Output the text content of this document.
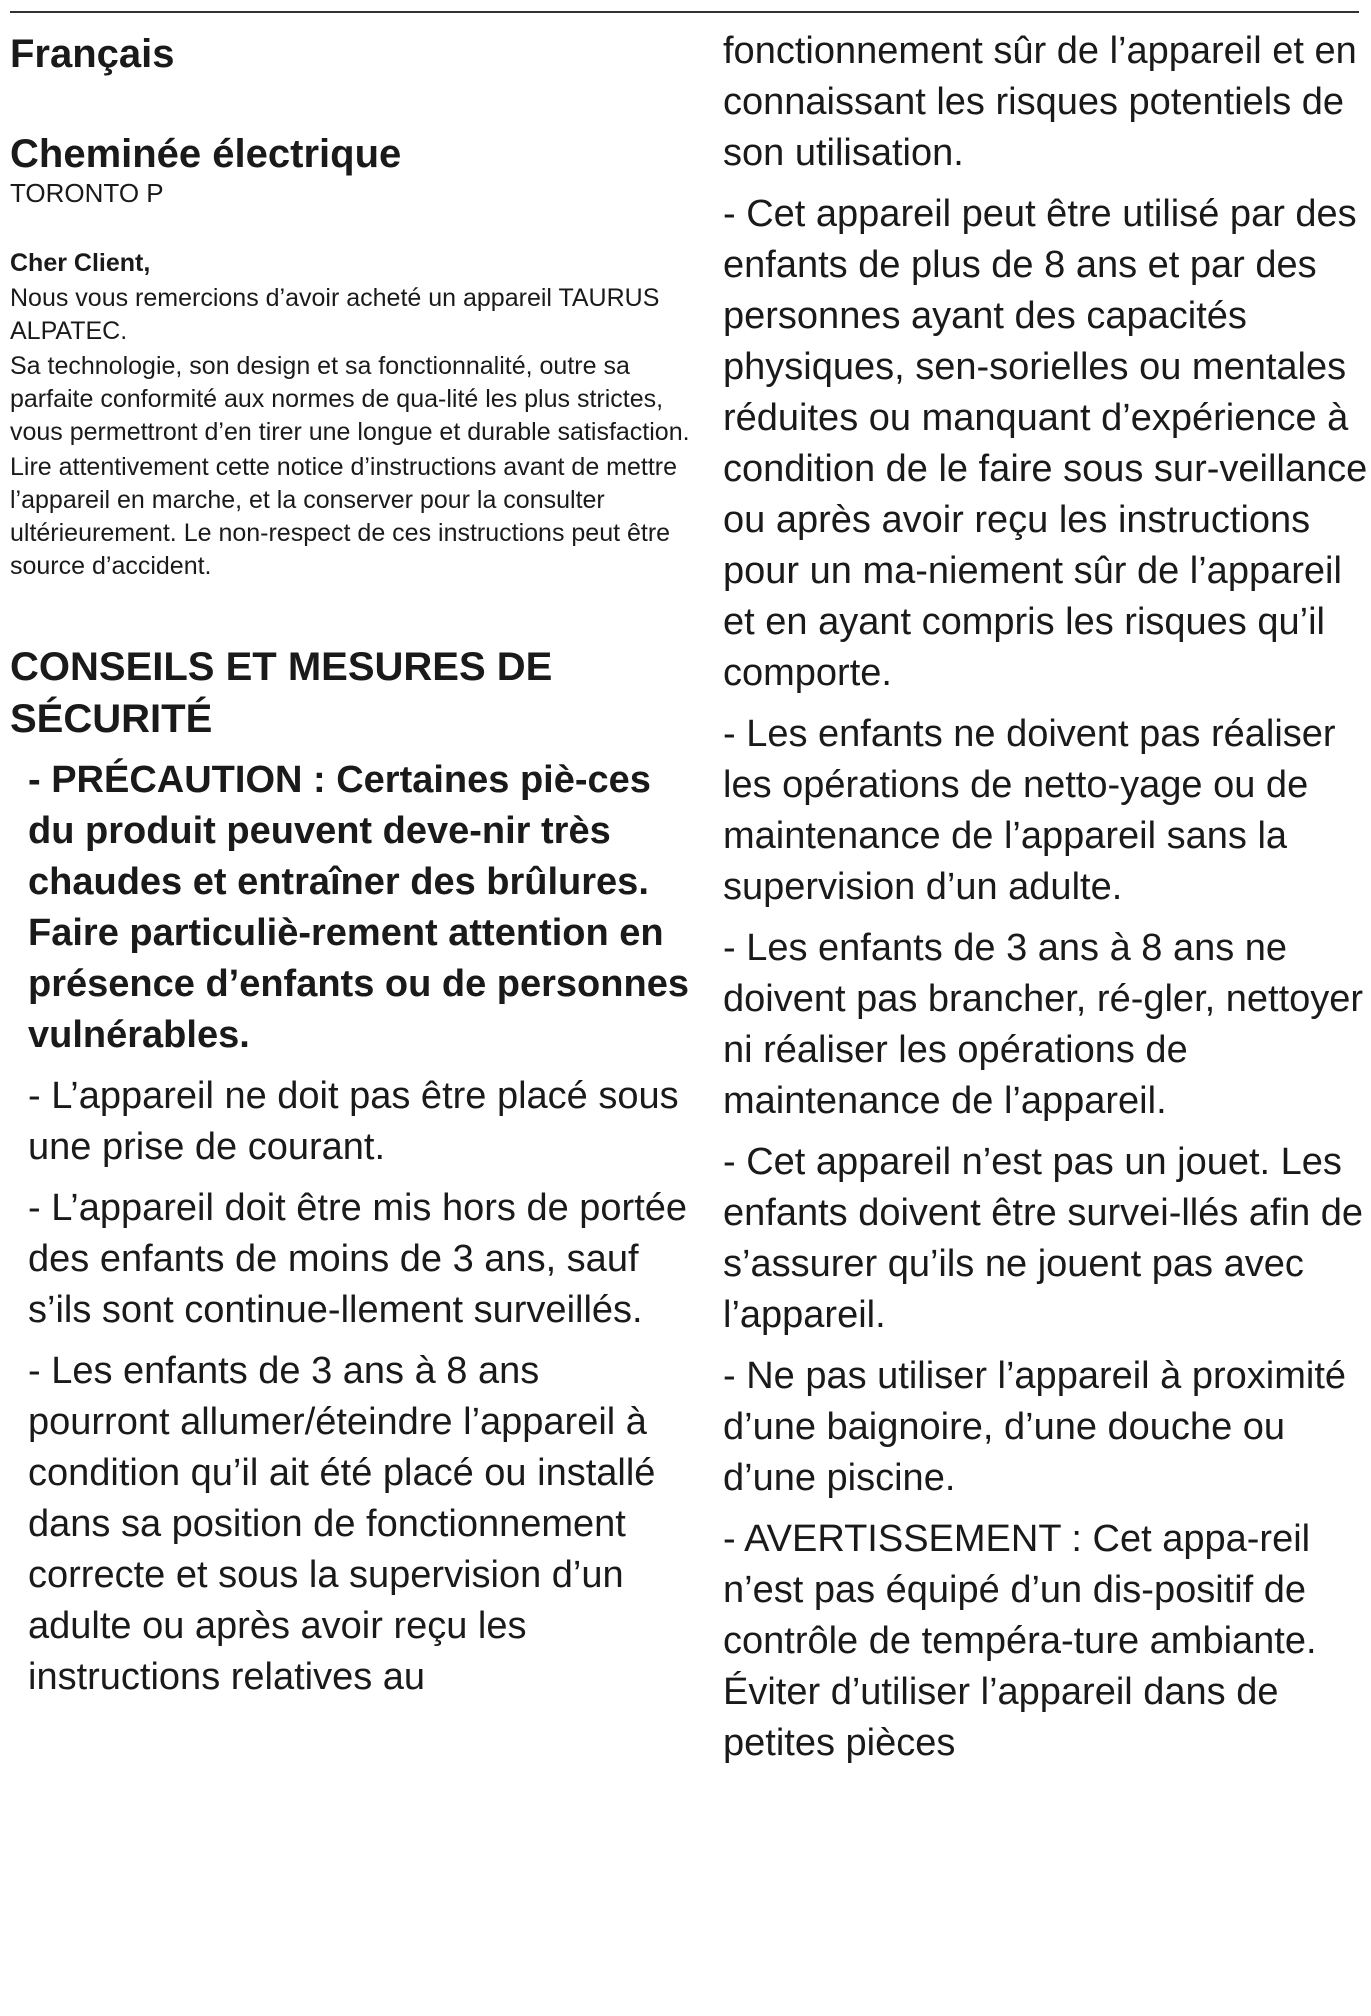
Français
Cheminée électrique
TORONTO P
Cher Client,

Nous vous remercions d’avoir acheté un appareil TAURUS ALPATEC.

Sa technologie, son design et sa fonctionnalité, outre sa parfaite conformité aux normes de qua-lité les plus strictes, vous permettront d’en tirer une longue et durable satisfaction.

Lire attentivement cette notice d’instructions avant de mettre l’appareil en marche, et la conserver pour la consulter ultérieurement. Le non-respect de ces instructions peut être source d’accident.

CONSEILS ET MESURES DE SÉCURITÉ

- PRÉCAUTION : Certaines piè-ces du produit peuvent deve-nir très chaudes et entraîner des brûlures. Faire particuliè-rement attention en présence d’enfants ou de personnes vulnérables.

- L’appareil ne doit pas être placé sous une prise de courant.

- L’appareil doit être mis hors de portée des enfants de moins de 3 ans, sauf s’ils sont continue-llement surveillés.

- Les enfants de 3 ans à 8 ans pourront allumer/éteindre l’appareil à condition qu’il ait été placé ou installé dans sa position de fonctionnement correcte et sous la supervision d’un adulte ou après avoir reçu les instructions relatives au

fonctionnement sûr de l’appareil et en connaissant les risques potentiels de son utilisation.

- Cet appareil peut être utilisé par des enfants de plus de 8 ans et par des personnes ayant des capacités physiques, sen-sorielles ou mentales réduites ou manquant d’expérience à condition de le faire sous sur-veillance ou après avoir reçu les instructions pour un ma-niement sûr de l’appareil et en ayant compris les risques qu’il comporte.

- Les enfants ne doivent pas réaliser les opérations de netto-yage ou de maintenance de l’appareil sans la supervision d’un adulte.

- Les enfants de 3 ans à 8 ans ne doivent pas brancher, ré-gler, nettoyer ni réaliser les opérations de maintenance de l’appareil.

- Cet appareil n’est pas un jouet. Les enfants doivent être survei-llés afin de s’assurer qu’ils ne jouent pas avec l’appareil.

- Ne pas utiliser l’appareil à proximité d’une baignoire, d’une douche ou d’une piscine.

- AVERTISSEMENT : Cet appa-reil n’est pas équipé d’un dis-positif de contrôle de tempéra-ture ambiante. Éviter d’utiliser l’appareil dans de petites pièces
